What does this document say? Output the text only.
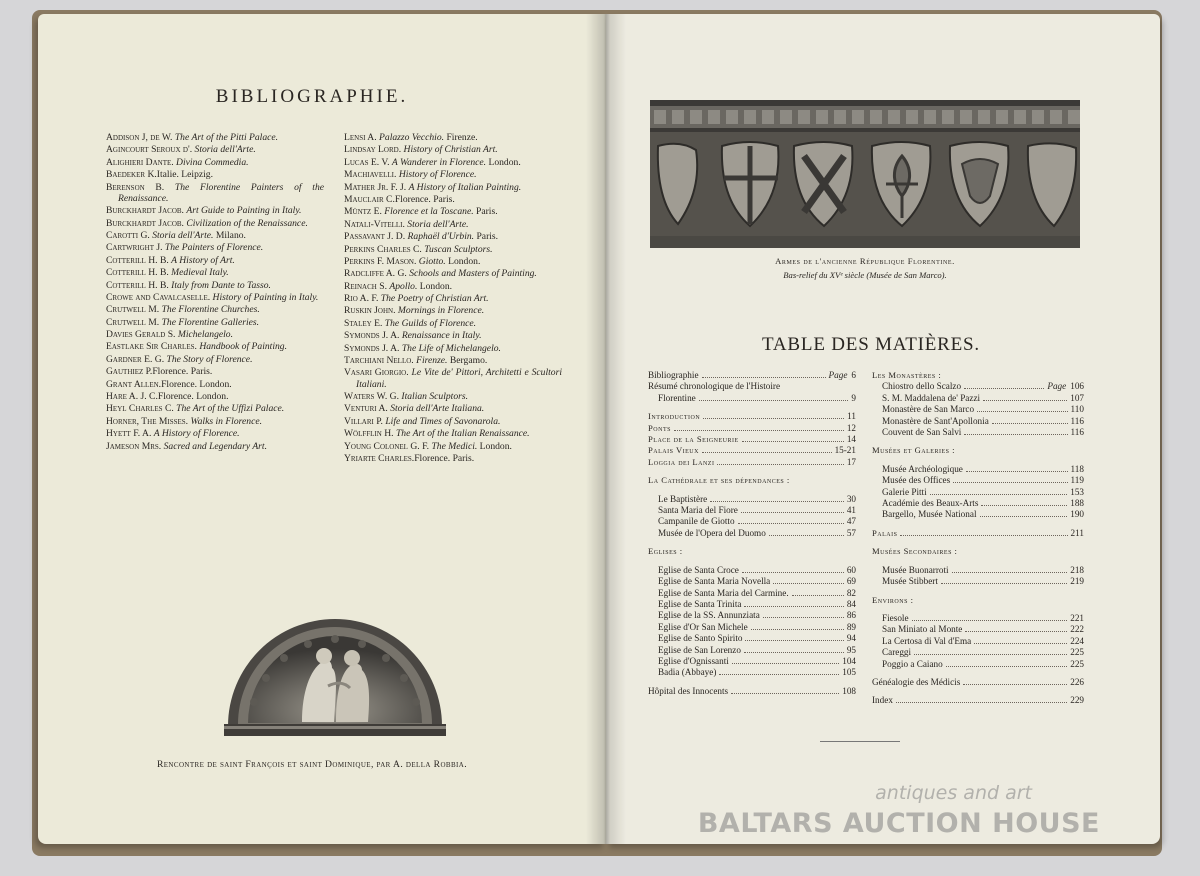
BIBLIOGRAPHIE.
Addison J, de W. The Art of the Pitti Palace.
Agincourt Seroux d'. Storia dell'Arte.
Alighieri Dante. Divina Commedia.
Baedeker K.Italie. Leipzig.
Berenson B. The Florentine Painters of the Renaissance.
Burckhardt Jacob. Art Guide to Painting in Italy.
Burckhardt Jacob. Civilization of the Renaissance.
Carotti G. Storia dell'Arte. Milano.
Cartwright J. The Painters of Florence.
Cotterill H. B. A History of Art.
Cotterill H. B. Medieval Italy.
Cotterill H. B. Italy from Dante to Tasso.
Crowe and Cavalcaselle. History of Painting in Italy.
Crutwell M. The Florentine Churches.
Crutwell M. The Florentine Galleries.
Davies Gerald S. Michelangelo.
Eastlake Sir Charles. Handbook of Painting.
Gardner E. G. The Story of Florence.
Gauthiez P.Florence. Paris.
Grant Allen.Florence. London.
Hare A. J. C.Florence. London.
Heyl Charles C. The Art of the Uffizi Palace.
Horner, The Misses. Walks in Florence.
Hyett F. A. A History of Florence.
Jameson Mrs. Sacred and Legendary Art.
Lensi A. Palazzo Vecchio. Firenze.
Lindsay Lord. History of Christian Art.
Lucas E. V. A Wanderer in Florence. London.
Machiavelli. History of Florence.
Mather Jr. F. J. A History of Italian Painting.
Mauclair C.Florence. Paris.
Müntz E. Florence et la Toscane. Paris.
Natali-Vitelli. Storia dell'Arte.
Passavant J. D. Raphaël d'Urbin. Paris.
Perkins Charles C. Tuscan Sculptors.
Perkins F. Mason. Giotto. London.
Radcliffe A. G. Schools and Masters of Painting.
Reinach S. Apollo. London.
Rio A. F. The Poetry of Christian Art.
Ruskin John. Mornings in Florence.
Staley E. The Guilds of Florence.
Symonds J. A. Renaissance in Italy.
Symonds J. A. The Life of Michelangelo.
Tarchiani Nello. Firenze. Bergamo.
Vasari Giorgio. Le Vite de' Pittori, Architetti e Scultori Italiani.
Waters W. G. Italian Sculptors.
Venturi A. Storia dell'Arte Italiana.
Villari P. Life and Times of Savonarola.
Wölfflin H. The Art of the Italian Renaissance.
Young Colonel G. F. The Medici. London.
Yriarte Charles.Florence. Paris.
Rencontre de saint François et saint Dominique, par A. della Robbia.
Armes de l'ancienne République Florentine.
Bas-relief du XVᵉ siècle (Musée de San Marco).
TABLE DES MATIÈRES.
Bibliographie	Page 6
Résumé chronologique de l'Histoire
Florentine	9
Introduction	11
Ponts	12
Place de la Seigneurie	14
Palais Vieux	15-21
Loggia dei Lanzi	17
La Cathédrale et ses dépendances :
Le Baptistère	30
Santa Maria del Fiore	41
Campanile de Giotto	47
Musée de l'Opera del Duomo	57
Eglises :
Eglise de Santa Croce	60
Eglise de Santa Maria Novella	69
Eglise de Santa Maria del Carmine.	82
Eglise de Santa Trinita	84
Eglise de la SS. Annunziata	86
Eglise d'Or San Michele	89
Eglise de Santo Spirito	94
Eglise de San Lorenzo	95
Eglise d'Ognissanti	104
Badia (Abbaye)	105
Hôpital des Innocents	108
Les Monastères :
Chiostro dello Scalzo	Page 106
S. M. Maddalena de' Pazzi	107
Monastère de San Marco	110
Monastère de Sant'Apollonia	116
Couvent de San Salvi	116
Musées et Galeries :
Musée Archéologique	118
Musée des Offices	119
Galerie Pitti	153
Académie des Beaux-Arts	188
Bargello, Musée National	190
Palais	211
Musées Secondaires :
Musée Buonarroti	218
Musée Stibbert	219
Environs :
Fiesole	221
San Miniato al Monte	222
La Certosa di Val d'Ema	224
Careggi	225
Poggio a Caiano	225
Généalogie des Médicis	226
Index	229
antiques and art
BALTARS AUCTION HOUSE
